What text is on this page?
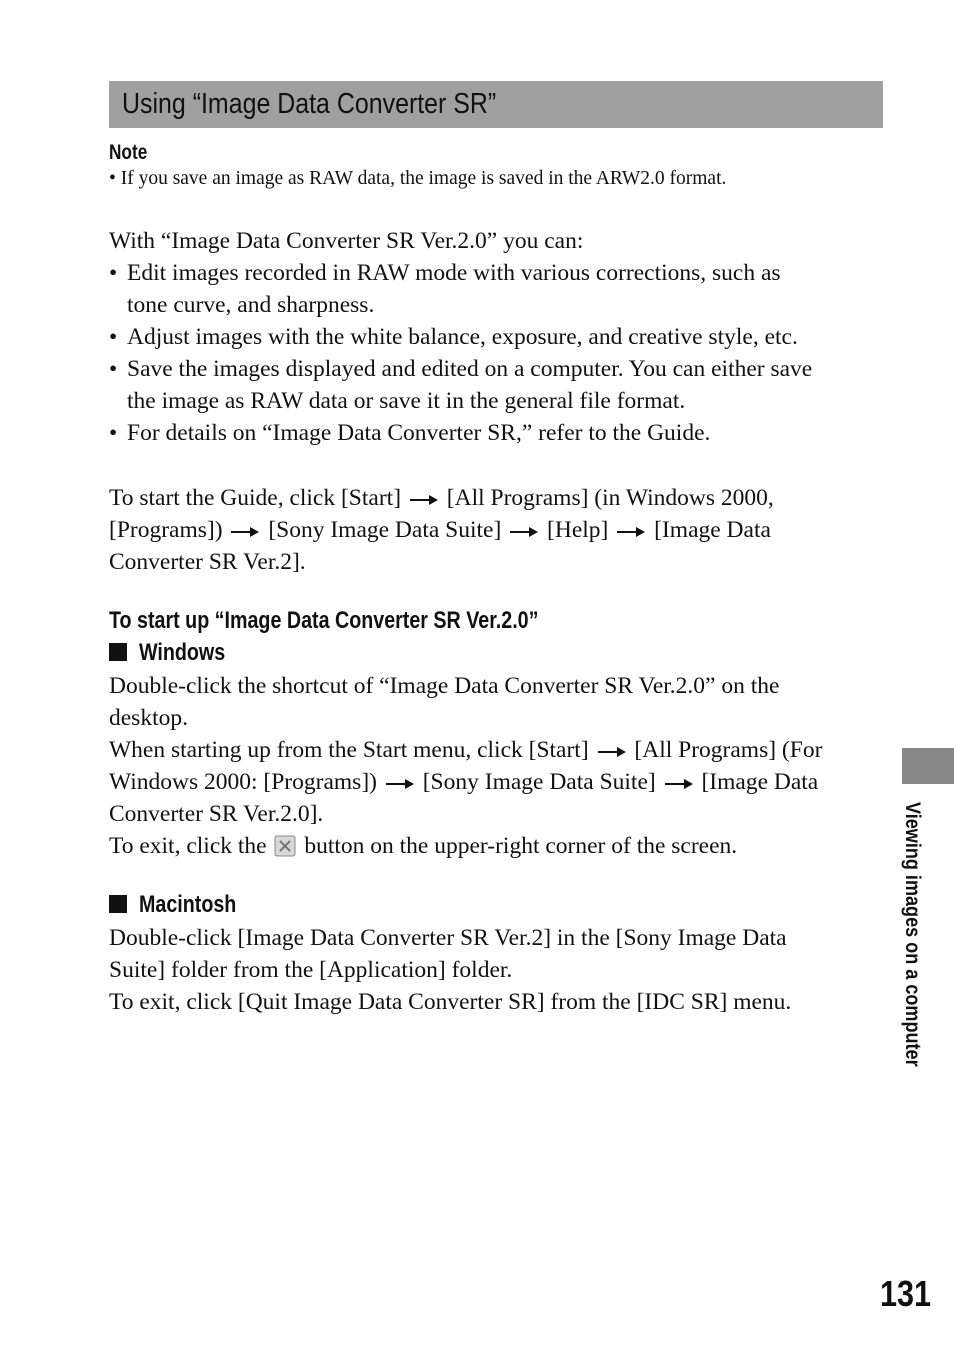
Using “Image Data Converter SR”
Note
• If you save an image as RAW data, the image is saved in the ARW2.0 format.

With “Image Data Converter SR Ver.2.0” you can:

• Edit images recorded in RAW mode with various corrections, such as
tone curve, and sharpness.
• Adjust images with the white balance, exposure, and creative style, etc.
• Save the images displayed and edited on a computer. You can either save
the image as RAW data or save it in the general file format.
• For details on “Image Data Converter SR,” refer to the Guide.

To start the Guide, click [Start] [All Programs] (in Windows 2000,

[Programs]) [Sony Image Data Suite] [Help] [Image Data

Converter SR Ver.2].

To start up “Image Data Converter SR Ver.2.0”
Windows

Double-click the shortcut of “Image Data Converter SR Ver.2.0” on the

desktop.

When starting up from the Start menu, click [Start] [All Programs] (For

Windows 2000: [Programs]) [Sony Image Data Suite] [Image Data

Converter SR Ver.2.0].

To exit, click the button on the upper-right corner of the screen.

Macintosh

Double-click [Image Data Converter SR Ver.2] in the [Sony Image Data

Suite] folder from the [Application] folder.

To exit, click [Quit Image Data Converter SR] from the [IDC SR] menu.	Viewing images on a computer
131
